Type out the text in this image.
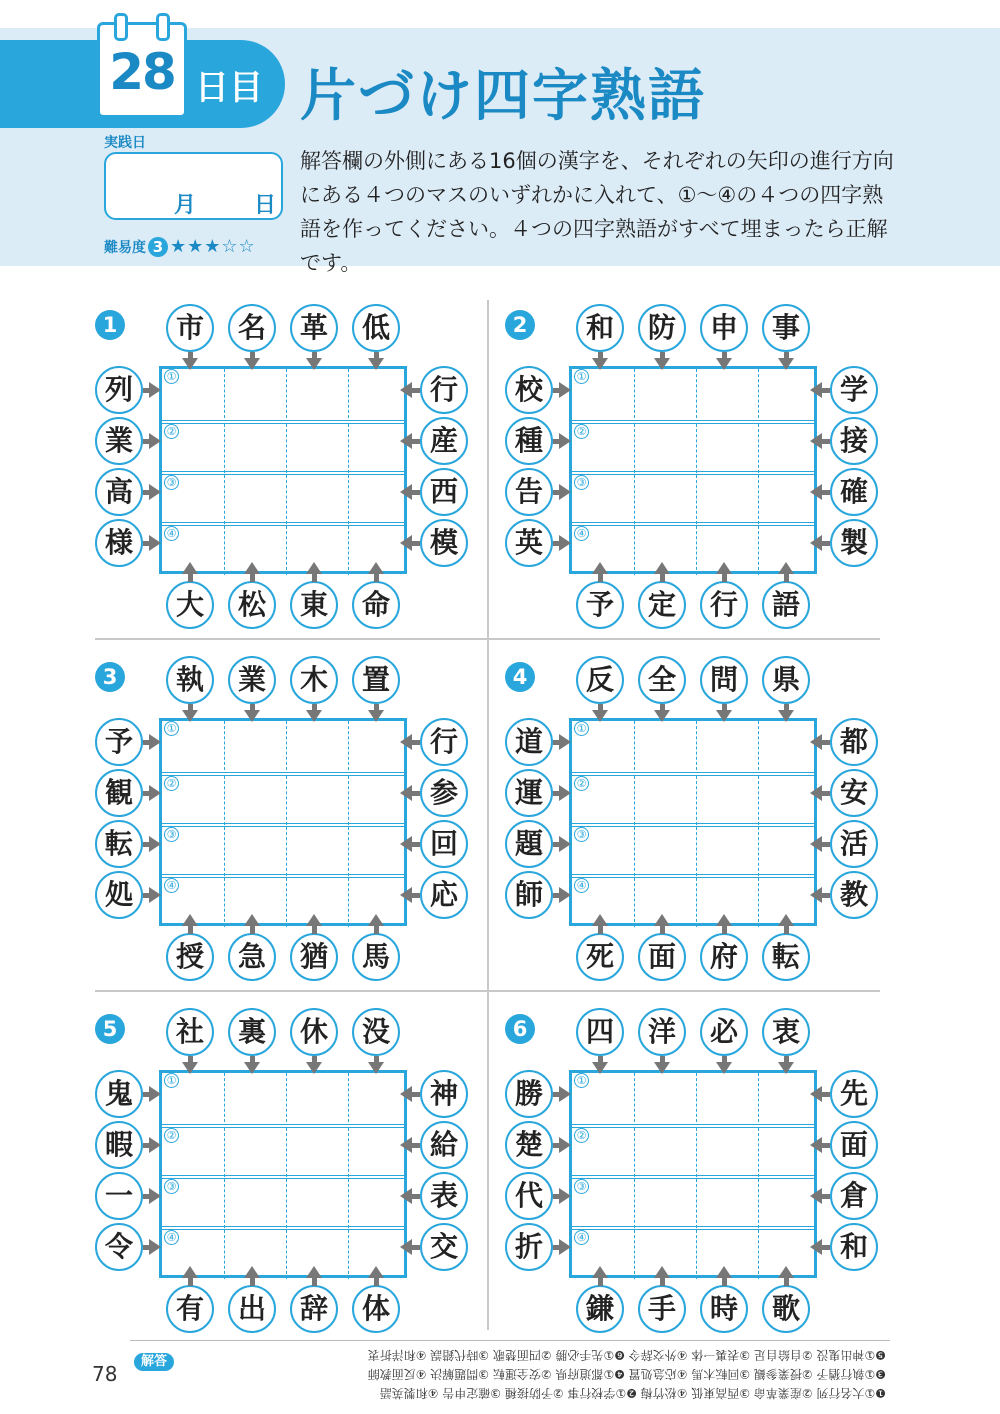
28 日目 片づけ四字熟語
実践日
月	日
難易度 3 ★★★☆☆
解答欄の外側にある16個の漢字を、それぞれの矢印の進行方向にある４つのマスのいずれかに入れて、①～④の４つの四字熟語を作ってください。４つの四字熟語がすべて埋まったら正解です。
1
①
②
③
④
市
大
列	行
名
松
業	産
革
東
高	西
低
命
様	模
2
①
②
③
④
和
予
校	学
防
定
種	接
申
行
告	確
事
語
英	製
3
①
②
③
④
執
授
予	行
業
急
観	参
木
猶
転	回
置
馬
処	応
4
①
②
③
④
反
死
道	都
全
面
運	安
問
府
題	活
県
転
師	教
5
①
②
③
④
社
有
鬼	神
裏
出
暇	給
休
辞
一	表
没
体
令	交
6
①
②
③
④
四
鎌
勝	先
洋
手
楚	面
必
時
代	倉
衷
歌
折	和
78
解答
❶①大名行列 ②産業革命 ③西高東低 ④松竹梅 ❷①学校行事 ②予防接種 ③確定申告 ④和製英語
❸①執行猶予 ②授業参観 ③回転木馬 ④応急処置 ❹①都道府県 ②安全運転 ③問題解決 ④反面教師
❺①神出鬼没 ②自給自足 ③表裏一体 ④外交辞令 ❻①先手必勝 ②四面楚歌 ③時代錯誤 ④和洋折衷
